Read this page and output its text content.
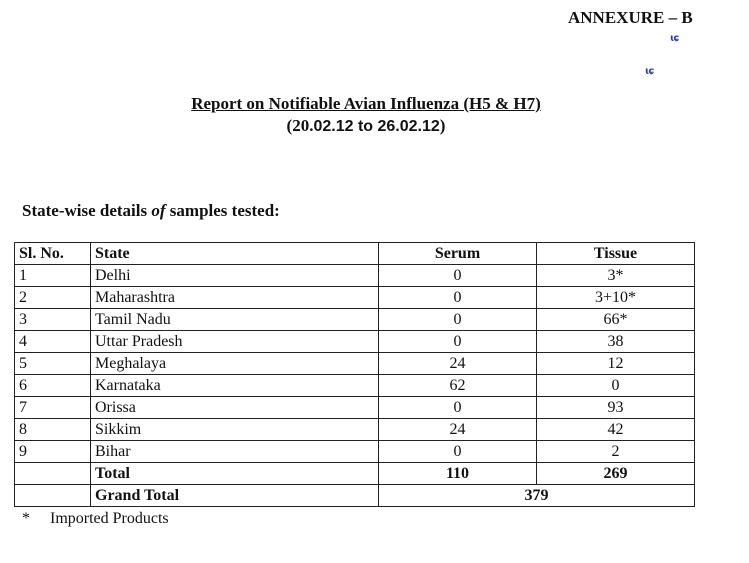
ANNEXURE – B
ɩɕ
ɩɕ
Report on Notifiable Avian Influenza (H5 & H7)
(20.02.12 to 26.02.12)
State-wise details of samples tested:
Sl. No.	State	Serum	Tissue
1	Delhi	0	3*
2	Maharashtra	0	3+10*
3	Tamil Nadu	0	66*
4	Uttar Pradesh	0	38
5	Meghalaya	24	12
6	Karnataka	62	0
7	Orissa	0	93
8	Sikkim	24	42
9	Bihar	0	2
	Total	110	269
	Grand Total	379	
* Imported Products
